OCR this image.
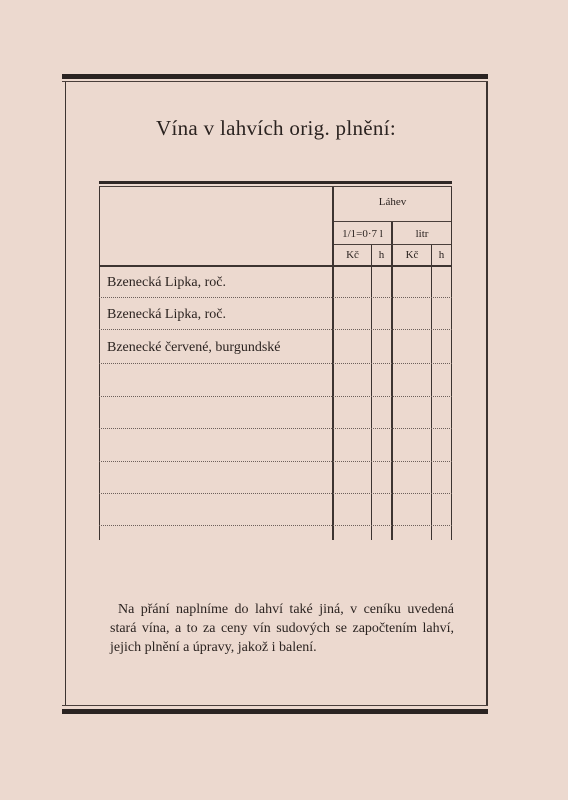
Vína v lahvích orig. plnění:
Láhev
1/1=0·7 l	litr
Kč	h	Kč	h
Bzenecká Lipka, roč.
Bzenecká Lipka, roč.
Bzenecké červené, burgundské
Na přání naplníme do lahví také jiná, v ceníku uvedená stará vína, a to za ceny vín sudových se započtením lahví, jejich plnění a úpravy, jakož i balení.
